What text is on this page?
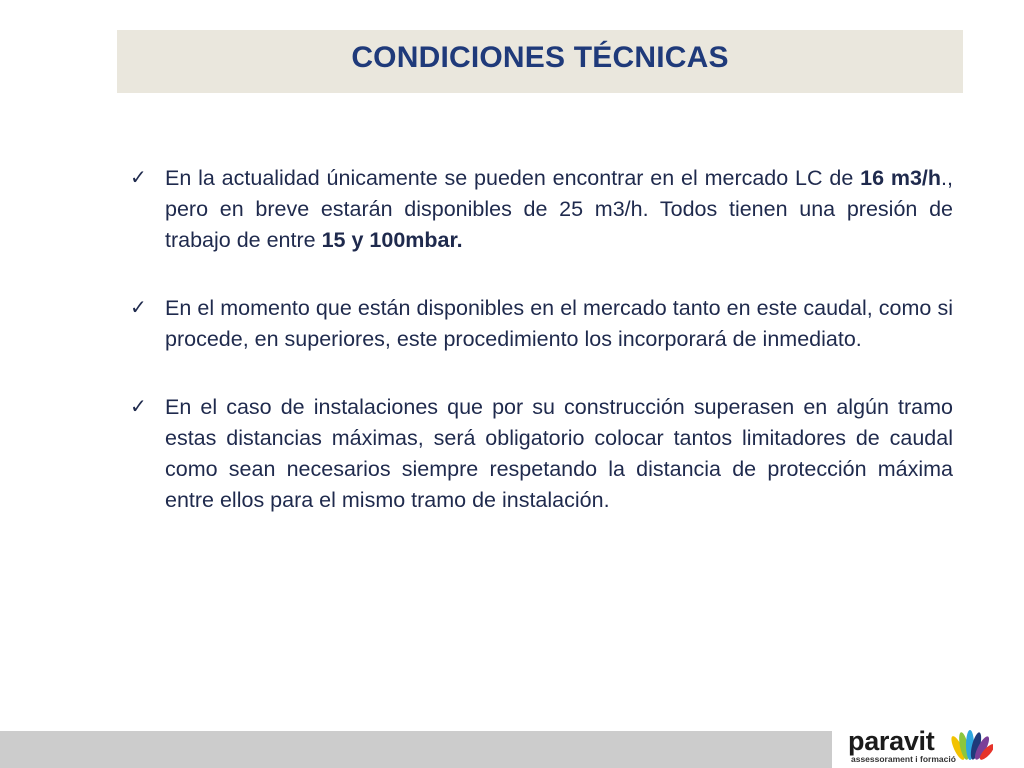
CONDICIONES TÉCNICAS
✓ En la actualidad únicamente se pueden encontrar en el mercado LC de 16 m3/h., pero en breve estarán disponibles de 25 m3/h. Todos tienen una presión de trabajo de entre 15 y 100mbar.
✓ En el momento que están disponibles en el mercado tanto en este caudal, como si procede, en superiores, este procedimiento los incorporará de inmediato.
✓ En el caso de instalaciones que por su construcción superasen en algún tramo estas distancias máximas, será obligatorio colocar tantos limitadores de caudal como sean necesarios siempre respetando la distancia de protección máxima entre ellos para el mismo tramo de instalación.
paravit
assessorament i formació
